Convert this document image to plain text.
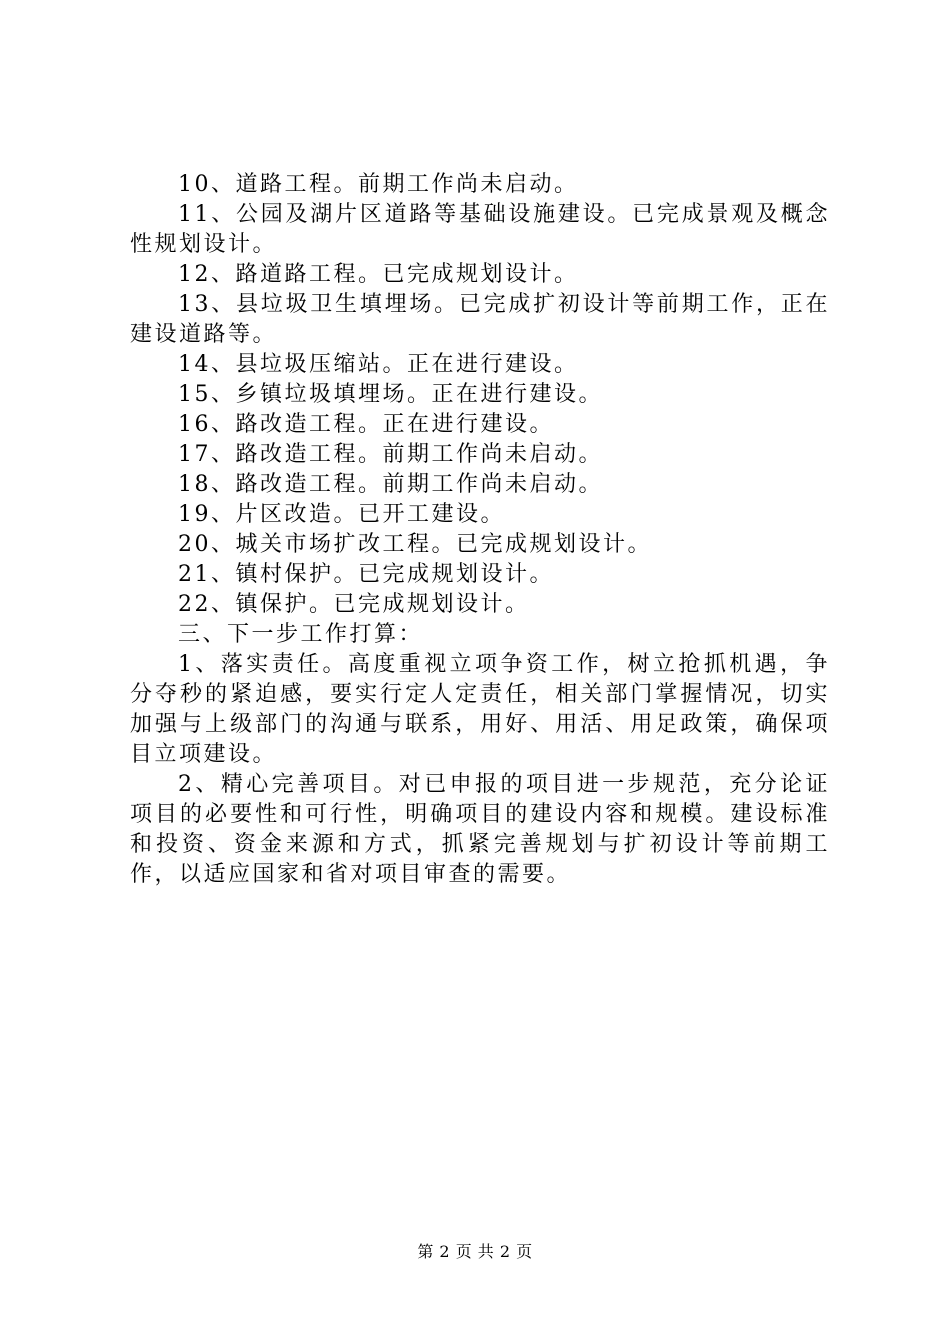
10、道路工程。前期工作尚未启动。

11、公园及湖片区道路等基础设施建设。已完成景观及概念性规划设计。

12、路道路工程。已完成规划设计。

13、县垃圾卫生填埋场。已完成扩初设计等前期工作，正在建设道路等。

14、县垃圾压缩站。正在进行建设。

15、乡镇垃圾填埋场。正在进行建设。

16、路改造工程。正在进行建设。

17、路改造工程。前期工作尚未启动。

18、路改造工程。前期工作尚未启动。

19、片区改造。已开工建设。

20、城关市场扩改工程。已完成规划设计。

21、镇村保护。已完成规划设计。

22、镇保护。已完成规划设计。

三、下一步工作打算：

1、落实责任。高度重视立项争资工作，树立抢抓机遇，争分夺秒的紧迫感，要实行定人定责任，相关部门掌握情况，切实加强与上级部门的沟通与联系，用好、用活、用足政策，确保项目立项建设。

2、精心完善项目。对已申报的项目进一步规范，充分论证项目的必要性和可行性，明确项目的建设内容和规模。建设标准和投资、资金来源和方式，抓紧完善规划与扩初设计等前期工作，以适应国家和省对项目审查的需要。

第 2 页 共 2 页
